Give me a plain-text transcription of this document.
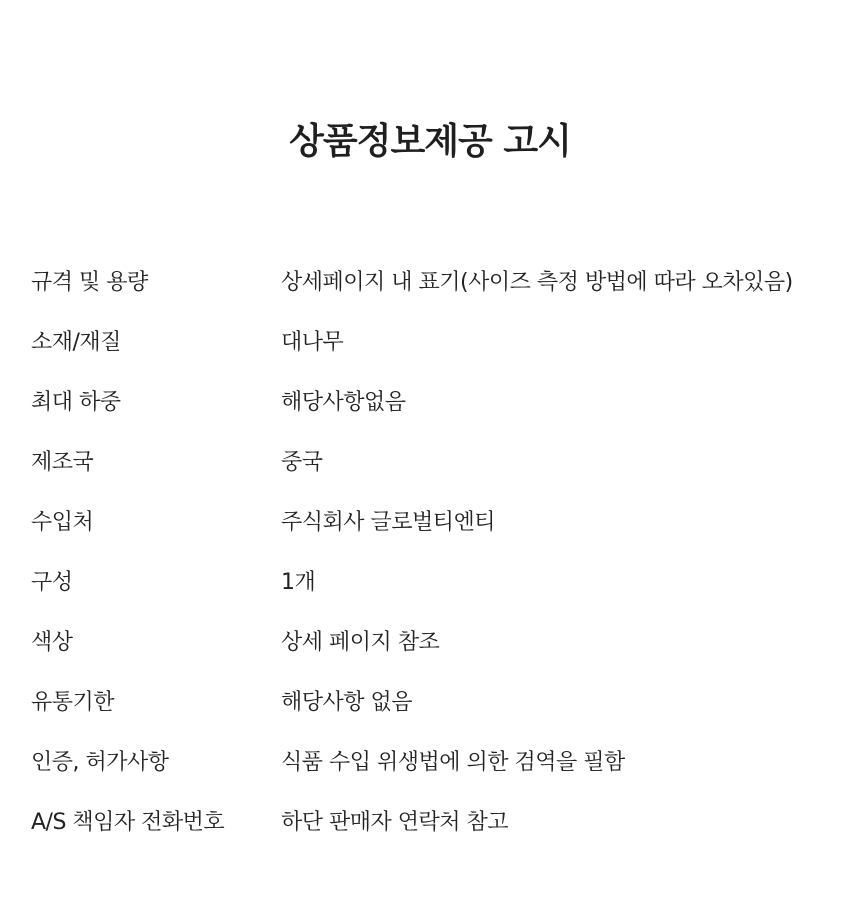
상품정보제공 고시
규격 및 용량	상세페이지 내 표기(사이즈 측정 방법에 따라 오차있음)
소재/재질	대나무
최대 하중	해당사항없음
제조국	중국
수입처	주식회사 글로벌티엔티
구성	1개
색상	상세 페이지 참조
유통기한	해당사항 없음
인증, 허가사항	식품 수입 위생법에 의한 검역을 필함
A/S 책임자 전화번호	하단 판매자 연락처 참고
